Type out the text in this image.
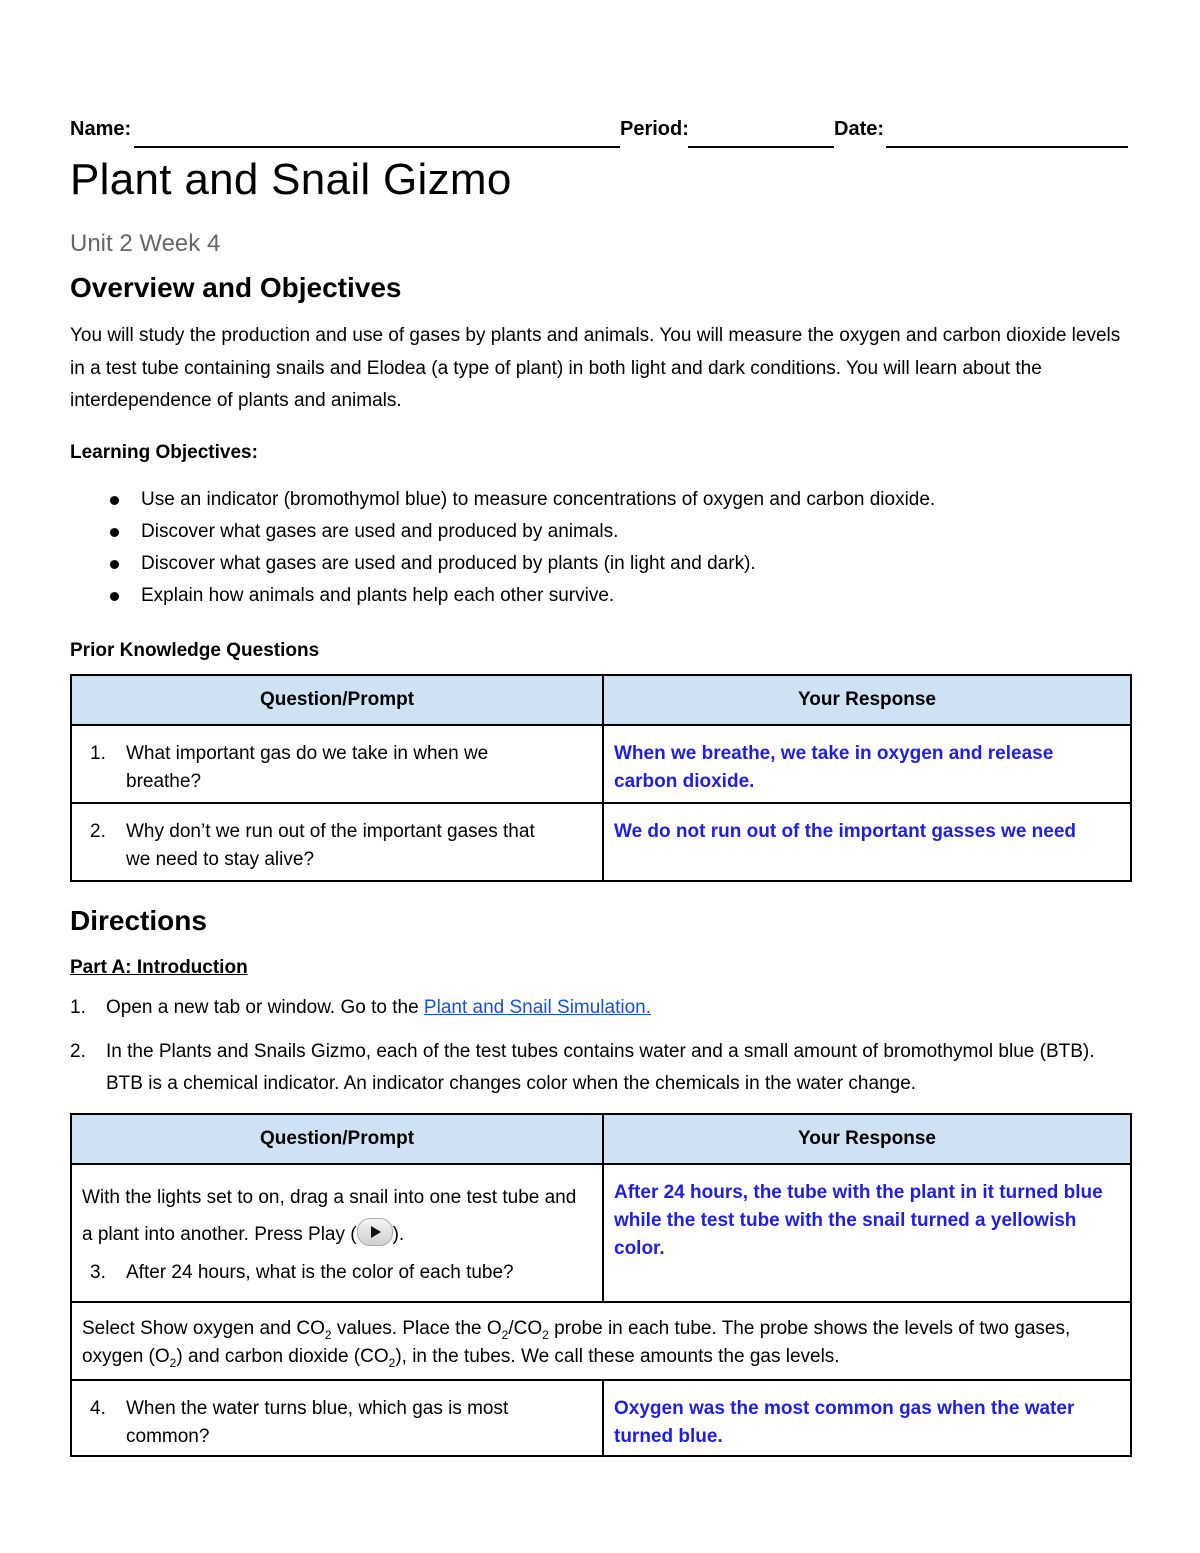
Name:	Period:	Date:
Plant and Snail Gizmo
Unit 2 Week 4
Overview and Objectives
You will study the production and use of gases by plants and animals. You will measure the oxygen and carbon dioxide levels in a test tube containing snails and Elodea (a type of plant) in both light and dark conditions. You will learn about the interdependence of plants and animals.
Learning Objectives:
Use an indicator (bromothymol blue) to measure concentrations of oxygen and carbon dioxide.
Discover what gases are used and produced by animals.
Discover what gases are used and produced by plants (in light and dark).
Explain how animals and plants help each other survive.
Prior Knowledge Questions
Question/Prompt	Your Response
1. What important gas do we take in when we breathe?	When we breathe, we take in oxygen and release carbon dioxide.
2. Why don’t we run out of the important gases that we need to stay alive?	We do not run out of the important gasses we need
Directions
Part A: Introduction
1. Open a new tab or window. Go to the Plant and Snail Simulation.
2. In the Plants and Snails Gizmo, each of the test tubes contains water and a small amount of bromothymol blue (BTB). BTB is a chemical indicator. An indicator changes color when the chemicals in the water change.
Question/Prompt	Your Response
With the lights set to on, drag a snail into one test tube and a plant into another. Press Play ( ).
3. After 24 hours, what is the color of each tube?	After 24 hours, the tube with the plant in it turned blue while the test tube with the snail turned a yellowish color.
Select Show oxygen and $CO_2$ values. Place the $O_2/CO_2$ probe in each tube. The probe shows the levels of two gases, oxygen $(O_2)$ and carbon dioxide $(CO_2)$, in the tubes. We call these amounts the gas levels.	
4. When the water turns blue, which gas is most common?	Oxygen was the most common gas when the water turned blue.
